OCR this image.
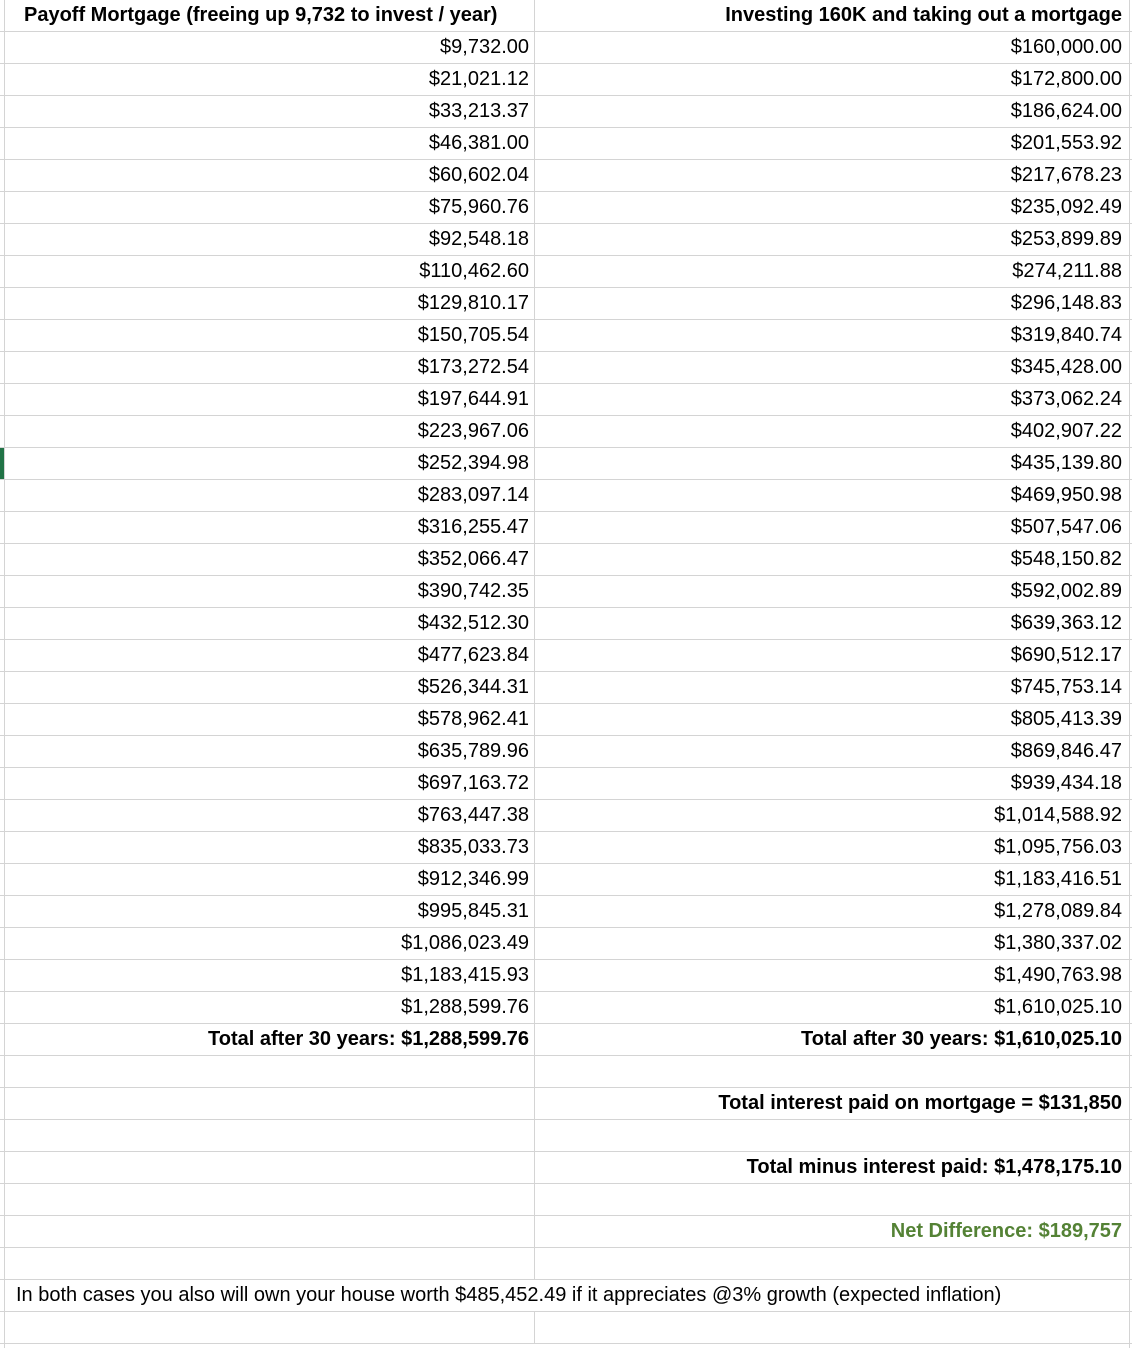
Payoff Mortgage (freeing up 9,732 to invest / year)	Investing 160K and taking out a mortgage
$9,732.00	$160,000.00
$21,021.12	$172,800.00
$33,213.37	$186,624.00
$46,381.00	$201,553.92
$60,602.04	$217,678.23
$75,960.76	$235,092.49
$92,548.18	$253,899.89
$110,462.60	$274,211.88
$129,810.17	$296,148.83
$150,705.54	$319,840.74
$173,272.54	$345,428.00
$197,644.91	$373,062.24
$223,967.06	$402,907.22
$252,394.98	$435,139.80
$283,097.14	$469,950.98
$316,255.47	$507,547.06
$352,066.47	$548,150.82
$390,742.35	$592,002.89
$432,512.30	$639,363.12
$477,623.84	$690,512.17
$526,344.31	$745,753.14
$578,962.41	$805,413.39
$635,789.96	$869,846.47
$697,163.72	$939,434.18
$763,447.38	$1,014,588.92
$835,033.73	$1,095,756.03
$912,346.99	$1,183,416.51
$995,845.31	$1,278,089.84
$1,086,023.49	$1,380,337.02
$1,183,415.93	$1,490,763.98
$1,288,599.76	$1,610,025.10
Total after 30 years: $1,288,599.76	Total after 30 years: $1,610,025.10
Total interest paid on mortgage = $131,850
Total minus interest paid: $1,478,175.10
Net Difference: $189,757
In both cases you also will own your house worth $485,452.49 if it appreciates @3% growth (expected inflation)
